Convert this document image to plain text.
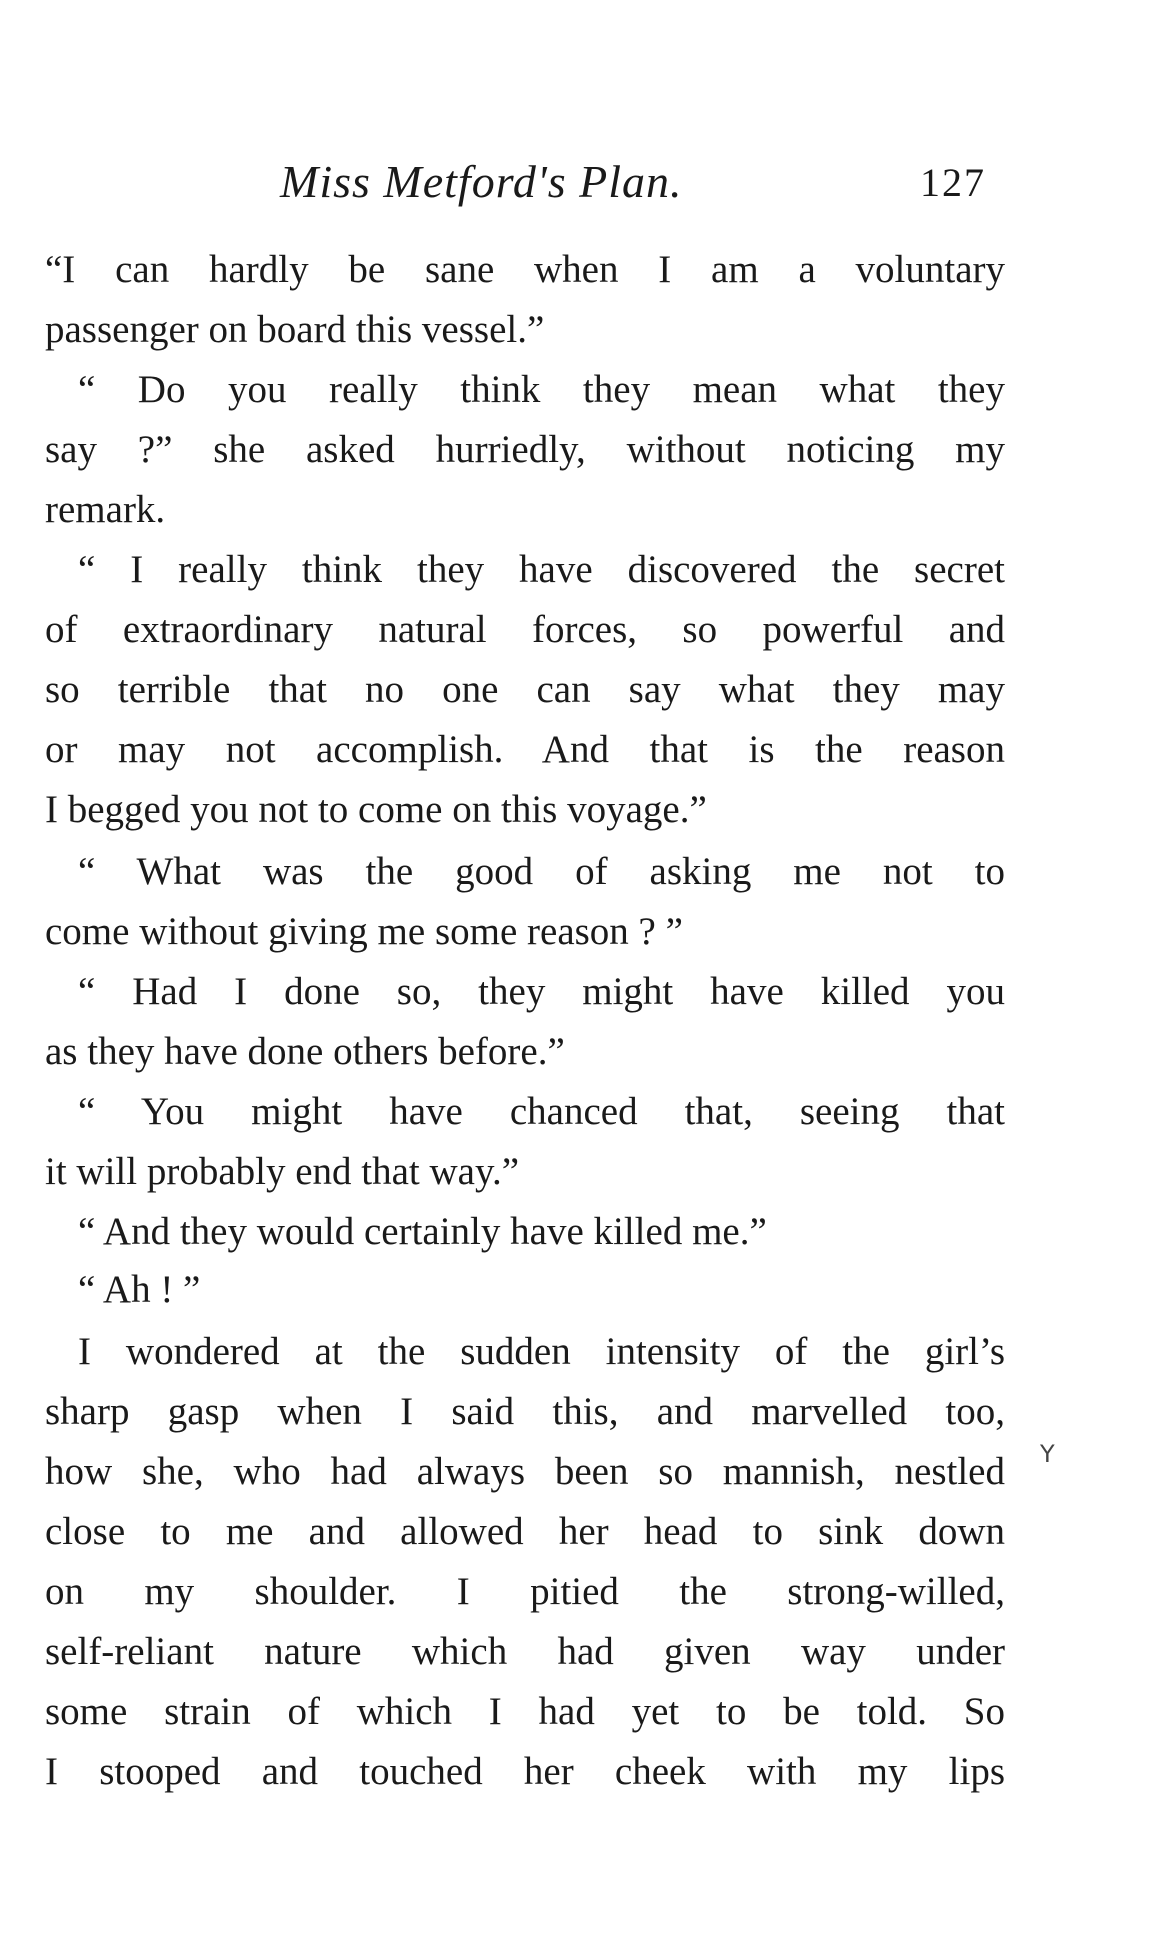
Miss Metford's Plan.	127
“I can hardly be sane when I am a voluntary
passenger on board this vessel.”
“ Do you really think they mean what they
say ?” she asked hurriedly, without noticing my
remark.
“ I really think they have discovered the secret
of extraordinary natural forces, so powerful and
so terrible that no one can say what they may
or may not accomplish. And that is the reason
I begged you not to come on this voyage.”
“ What was the good of asking me not to
come without giving me some reason ? ”
“ Had I done so, they might have killed you
as they have done others before.”
“ You might have chanced that, seeing that
it will probably end that way.”
“ And they would certainly have killed me.”
“ Ah ! ”
I wondered at the sudden intensity of the girl’s
sharp gasp when I said this, and marvelled too,
how she, who had always been so mannish, nestled
close to me and allowed her head to sink down
on my shoulder. I pitied the strong-willed,
self-reliant nature which had given way under
some strain of which I had yet to be told. So
I stooped and touched her cheek with my lips
Y
